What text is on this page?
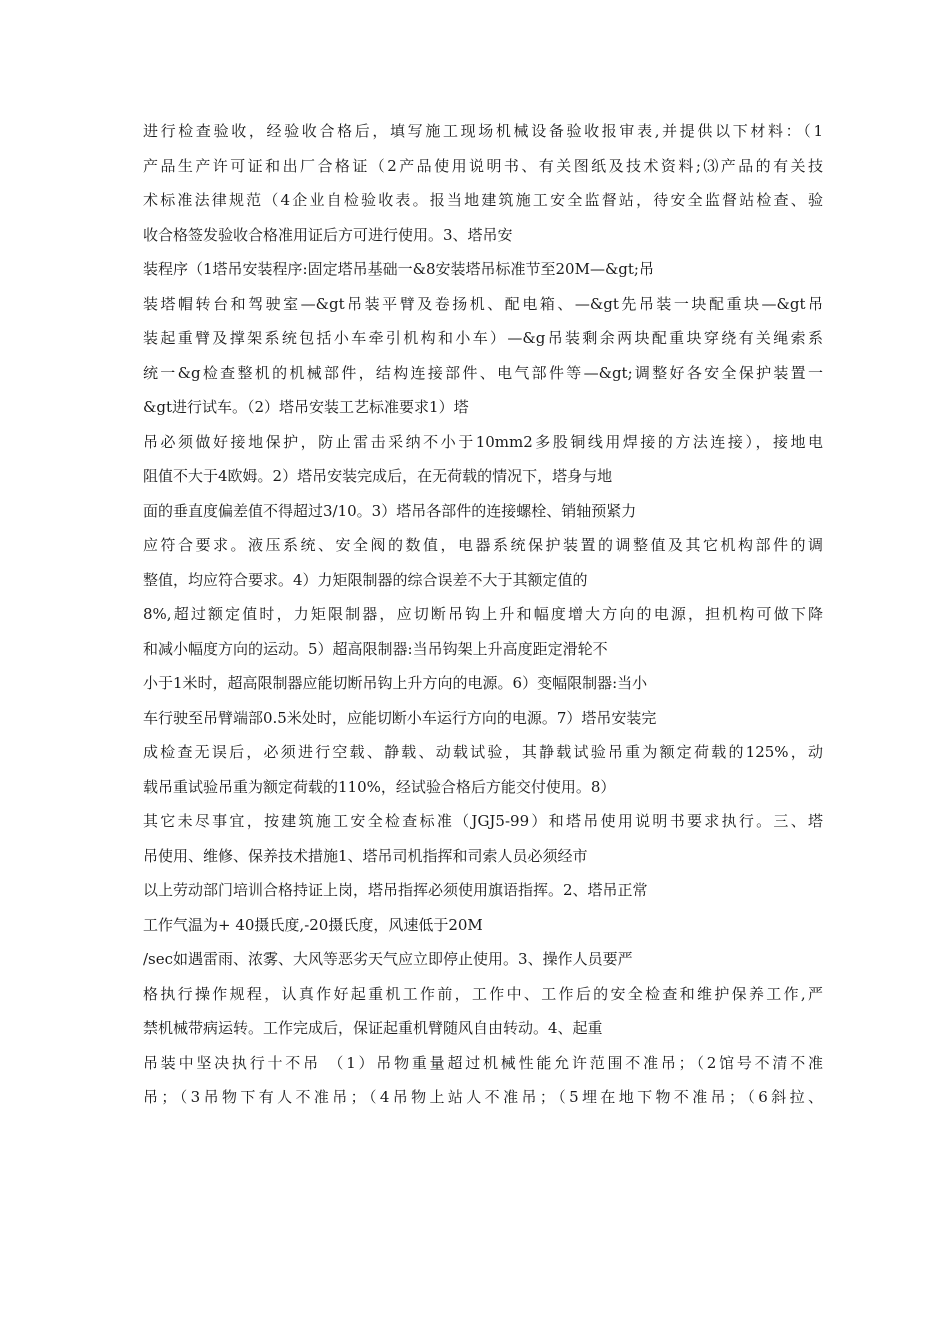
进行检查验收，经验收合格后，填写施工现场机械设备验收报审表,并提供以下材料：（1
产品生产许可证和出厂合格证（2产品使用说明书、有关图纸及技术资料;⑶产品的有关技
术标准法律规范（4企业自检验收表。报当地建筑施工安全监督站，待安全监督站检查、验
收合格签发验收合格准用证后方可进行使用。3、塔吊安
装程序（1塔吊安装程序:固定塔吊基础一&8安装塔吊标准节至20M—&gt;吊
装塔帽转台和驾驶室—&gt吊装平臂及卷扬机、配电箱、—&gt先吊装一块配重块—&gt吊
装起重臂及撑架系统包括小车牵引机构和小车）—&g吊装剩余两块配重块穿绕有关绳索系
统一&g检查整机的机械部件，结构连接部件、电气部件等—&gt;调整好各安全保护装置一
&gt进行试车。（2）塔吊安装工艺标准要求1）塔
吊必须做好接地保护，防止雷击采纳不小于10mm2多股铜线用焊接的方法连接），接地电
阻值不大于4欧姆。2）塔吊安装完成后，在无荷载的情况下，塔身与地
面的垂直度偏差值不得超过3/10。3）塔吊各部件的连接螺栓、销轴预紧力
应符合要求。液压系统、安全阀的数值，电器系统保护装置的调整值及其它机构部件的调
整值，均应符合要求。4）力矩限制器的综合误差不大于其额定值的
8%,超过额定值时，力矩限制器，应切断吊钩上升和幅度增大方向的电源，担机构可做下降
和减小幅度方向的运动。5）超高限制器:当吊钩架上升高度距定滑轮不
小于1米时，超高限制器应能切断吊钩上升方向的电源。6）变幅限制器:当小
车行驶至吊臂端部0.5米处时，应能切断小车运行方向的电源。7）塔吊安装完
成检查无误后，必须进行空载、静载、动载试验，其静载试验吊重为额定荷载的125%，动
载吊重试验吊重为额定荷载的110%，经试验合格后方能交付使用。8）
其它未尽事宜，按建筑施工安全检查标准（JGJ5-99）和塔吊使用说明书要求执行。三、塔
吊使用、维修、保养技术措施1、塔吊司机指挥和司索人员必须经市
以上劳动部门培训合格持证上岗，塔吊指挥必须使用旗语指挥。2、塔吊正常
工作气温为+ 40摄氏度,-20摄氏度，风速低于20M
/sec如遇雷雨、浓雾、大风等恶劣天气应立即停止使用。3、操作人员要严
格执行操作规程，认真作好起重机工作前，工作中、工作后的安全检查和维护保养工作,严
禁机械带病运转。工作完成后，保证起重机臂随风自由转动。4、起重
吊装中坚决执行十不吊 （1）吊物重量超过机械性能允许范围不准吊；（2馆号不清不准
吊；（3吊物下有人不准吊；（4吊物上站人不准吊；（5埋在地下物不准吊；（6斜拉、
